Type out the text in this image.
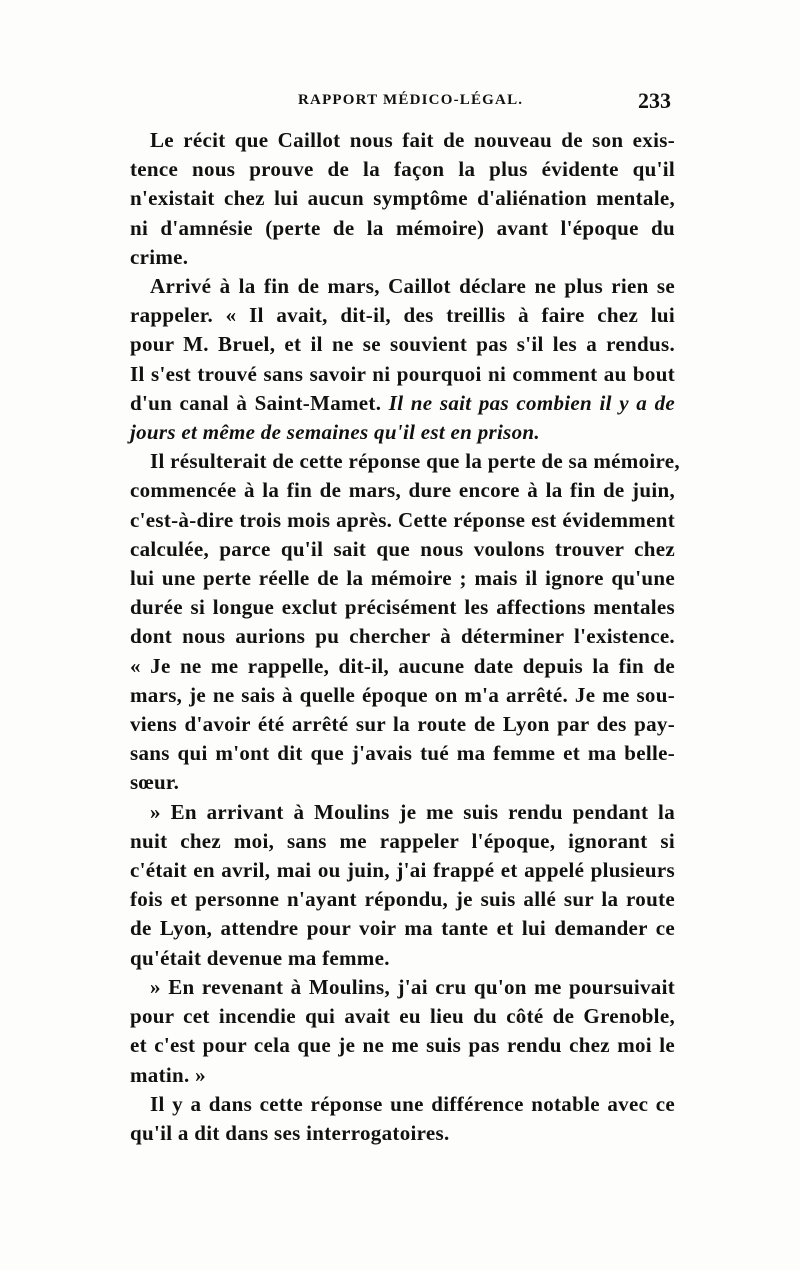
RAPPORT MÉDICO-LÉGAL.	233
Le récit que Caillot nous fait de nouveau de son exis-
tence nous prouve de la façon la plus évidente qu'il
n'existait chez lui aucun symptôme d'aliénation mentale,
ni d'amnésie (perte de la mémoire) avant l'époque du
crime.
Arrivé à la fin de mars, Caillot déclare ne plus rien se
rappeler. « Il avait, dit-il, des treillis à faire chez lui
pour M. Bruel, et il ne se souvient pas s'il les a rendus.
Il s'est trouvé sans savoir ni pourquoi ni comment au bout
d'un canal à Saint-Mamet. Il ne sait pas combien il y a de
jours et même de semaines qu'il est en prison.
Il résulterait de cette réponse que la perte de sa mémoire,
commencée à la fin de mars, dure encore à la fin de juin,
c'est-à-dire trois mois après. Cette réponse est évidemment
calculée, parce qu'il sait que nous voulons trouver chez
lui une perte réelle de la mémoire ; mais il ignore qu'une
durée si longue exclut précisément les affections mentales
dont nous aurions pu chercher à déterminer l'existence.
« Je ne me rappelle, dit-il, aucune date depuis la fin de
mars, je ne sais à quelle époque on m'a arrêté. Je me sou-
viens d'avoir été arrêté sur la route de Lyon par des pay-
sans qui m'ont dit que j'avais tué ma femme et ma belle-
sœur.
» En arrivant à Moulins je me suis rendu pendant la
nuit chez moi, sans me rappeler l'époque, ignorant si
c'était en avril, mai ou juin, j'ai frappé et appelé plusieurs
fois et personne n'ayant répondu, je suis allé sur la route
de Lyon, attendre pour voir ma tante et lui demander ce
qu'était devenue ma femme.
» En revenant à Moulins, j'ai cru qu'on me poursuivait
pour cet incendie qui avait eu lieu du côté de Grenoble,
et c'est pour cela que je ne me suis pas rendu chez moi le
matin. »
Il y a dans cette réponse une différence notable avec ce
qu'il a dit dans ses interrogatoires.
